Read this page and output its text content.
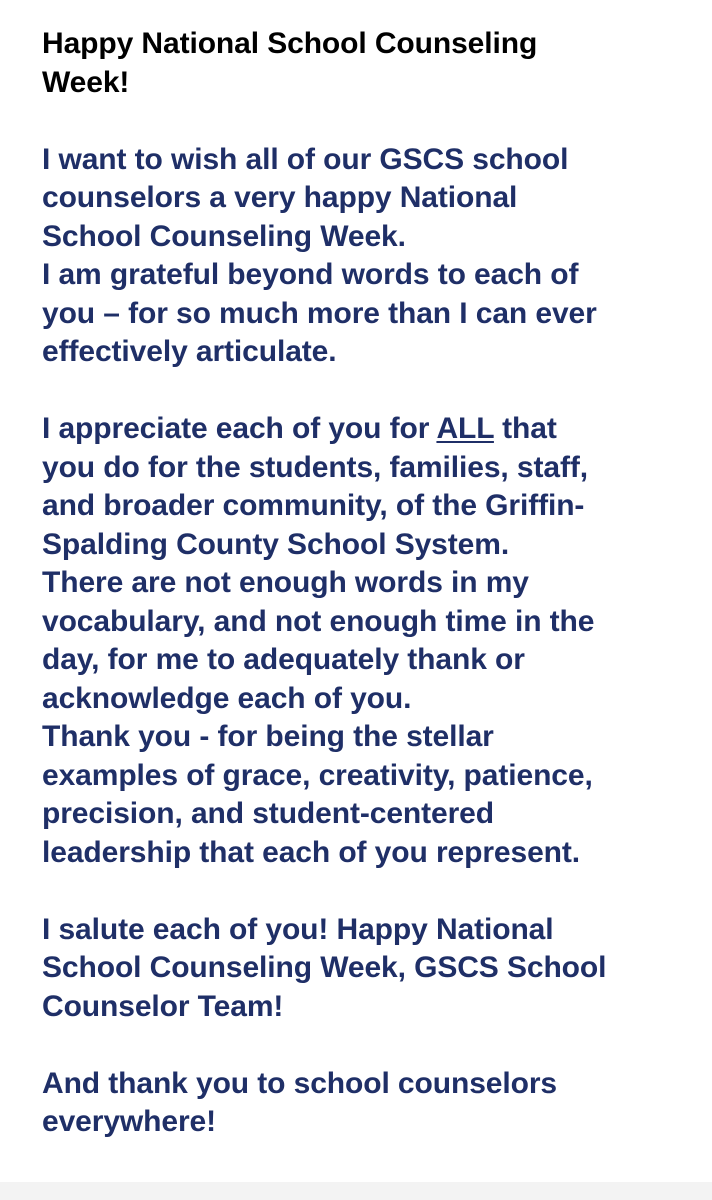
Happy National School Counseling
Week!
I want to wish all of our GSCS school
counselors a very happy National
School Counseling Week.
I am grateful beyond words to each of
you – for so much more than I can ever
effectively articulate.
I appreciate each of you for ALL that
you do for the students, families, staff,
and broader community, of the Griffin-
Spalding County School System.
There are not enough words in my
vocabulary, and not enough time in the
day, for me to adequately thank or
acknowledge each of you.
Thank you - for being the stellar
examples of grace, creativity, patience,
precision, and student-centered
leadership that each of you represent.
I salute each of you! Happy National
School Counseling Week, GSCS School
Counselor Team!
And thank you to school counselors
everywhere!
